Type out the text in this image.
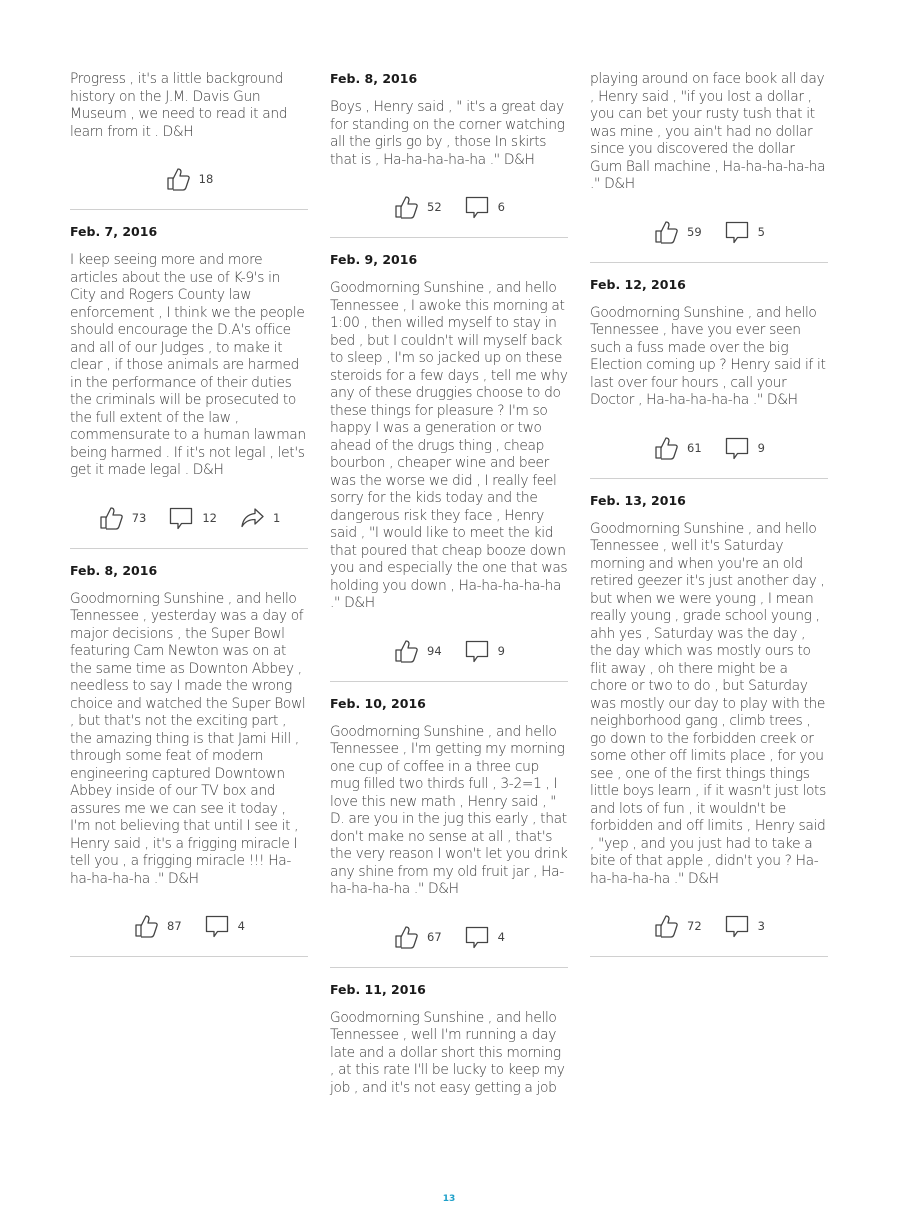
Progress , it's a little background history on the J.M. Davis Gun Museum , we need to read it and learn from it . D&H

18
Feb. 7, 2016

I keep seeing more and more articles about the use of K-9's in City and Rogers County law enforcement , I think we the people should encourage the D.A's office and all of our Judges , to make it clear , if those animals are harmed in the performance of their duties the criminals will be prosecuted to the full extent of the law , commensurate to a human lawman being harmed . If it's not legal , let's get it made legal . D&H

73	12	1
Feb. 8, 2016

Goodmorning Sunshine , and hello Tennessee , yesterday was a day of major decisions , the Super Bowl featuring Cam Newton was on at the same time as Downton Abbey , needless to say I made the wrong choice and watched the Super Bowl , but that's not the exciting part , the amazing thing is that Jami Hill , through some feat of modern engineering captured Downtown Abbey inside of our TV box and assures me we can see it today , I'm not believing that until I see it , Henry said , it's a frigging miracle I tell you , a frigging miracle !!! Ha-ha-ha-ha-ha ." D&H

87	4
Feb. 8, 2016

Boys , Henry said , " it's a great day for standing on the corner watching all the girls go by , those In skirts that is , Ha-ha-ha-ha-ha ." D&H

52	6
Feb. 9, 2016

Goodmorning Sunshine , and hello Tennessee , I awoke this morning at 1:00 , then willed myself to stay in bed , but I couldn't will myself back to sleep , I'm so jacked up on these steroids for a few days , tell me why any of these druggies choose to do these things for pleasure ? I'm so happy I was a generation or two ahead of the drugs thing , cheap bourbon , cheaper wine and beer was the worse we did , I really feel sorry for the kids today and the dangerous risk they face , Henry said , "I would like to meet the kid that poured that cheap booze down you and especially the one that was holding you down , Ha-ha-ha-ha-ha ." D&H

94	9
Feb. 10, 2016

Goodmorning Sunshine , and hello Tennessee , I'm getting my morning one cup of coffee in a three cup mug filled two thirds full , 3-2=1 , I love this new math , Henry said , " D. are you in the jug this early , that don't make no sense at all , that's the very reason I won't let you drink any shine from my old fruit jar , Ha-ha-ha-ha-ha ." D&H

67	4
Feb. 11, 2016

Goodmorning Sunshine , and hello Tennessee , well I'm running a day late and a dollar short this morning , at this rate I'll be lucky to keep my job , and it's not easy getting a job

playing around on face book all day , Henry said , "if you lost a dollar , you can bet your rusty tush that it was mine , you ain't had no dollar since you discovered the dollar Gum Ball machine , Ha-ha-ha-ha-ha ." D&H

59	5
Feb. 12, 2016

Goodmorning Sunshine , and hello Tennessee , have you ever seen such a fuss made over the big Election coming up ? Henry said if it last over four hours , call your Doctor , Ha-ha-ha-ha-ha ." D&H

61	9
Feb. 13, 2016

Goodmorning Sunshine , and hello Tennessee , well it's Saturday morning and when you're an old retired geezer it's just another day , but when we were young , I mean really young , grade school young , ahh yes , Saturday was the day , the day which was mostly ours to flit away , oh there might be a chore or two to do , but Saturday was mostly our day to play with the neighborhood gang , climb trees , go down to the forbidden creek or some other off limits place , for you see , one of the first things things little boys learn , if it wasn't just lots and lots of fun , it wouldn't be forbidden and off limits , Henry said , "yep , and you just had to take a bite of that apple , didn't you ? Ha-ha-ha-ha-ha ." D&H

72	3
13
